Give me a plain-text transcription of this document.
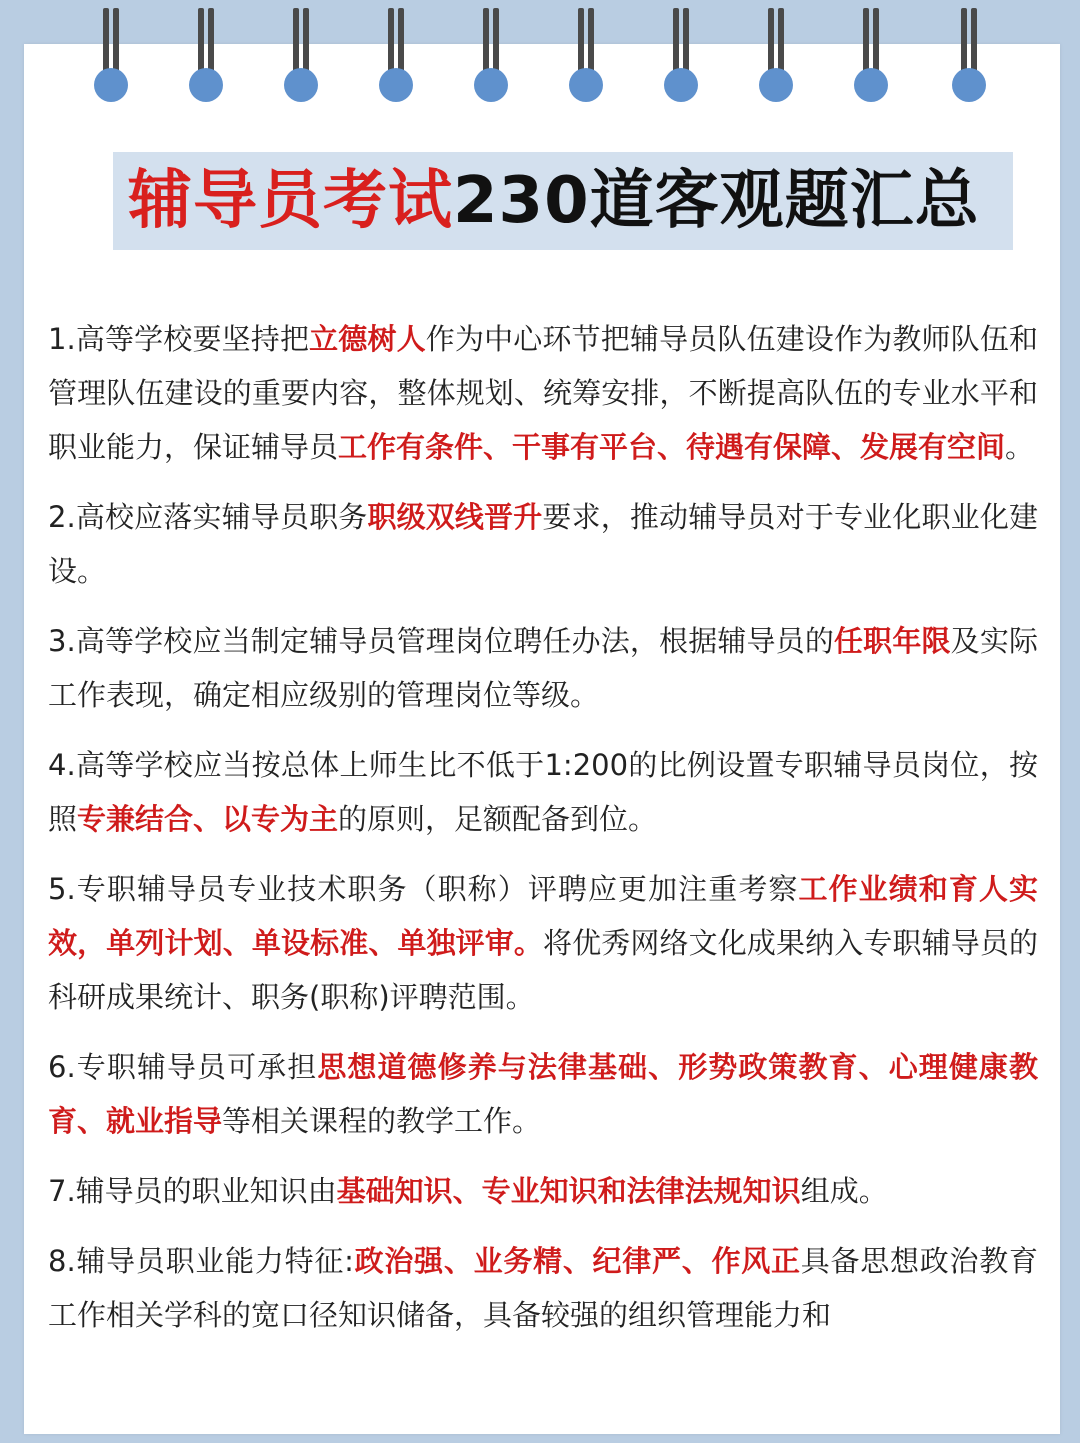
辅导员考试230道客观题汇总

1.高等学校要坚持把立德树人作为中心环节把辅导员队伍建设作为教师队伍和管理队伍建设的重要内容，整体规划、统筹安排，不断提高队伍的专业水平和职业能力，保证辅导员工作有条件、干事有平台、待遇有保障、发展有空间。

2.高校应落实辅导员职务职级双线晋升要求，推动辅导员对于专业化职业化建设。

3.高等学校应当制定辅导员管理岗位聘任办法，根据辅导员的任职年限及实际工作表现，确定相应级别的管理岗位等级。

4.高等学校应当按总体上师生比不低于1:200的比例设置专职辅导员岗位，按照专兼结合、以专为主的原则，足额配备到位。

5.专职辅导员专业技术职务（职称）评聘应更加注重考察工作业绩和育人实效，单列计划、单设标准、单独评审。将优秀网络文化成果纳入专职辅导员的科研成果统计、职务(职称)评聘范围。

6.专职辅导员可承担思想道德修养与法律基础、形势政策教育、心理健康教育、就业指导等相关课程的教学工作。

7.辅导员的职业知识由基础知识、专业知识和法律法规知识组成。

8.辅导员职业能力特征:政治强、业务精、纪律严、作风正具备思想政治教育工作相关学科的宽口径知识储备，具备较强的组织管理能力和
